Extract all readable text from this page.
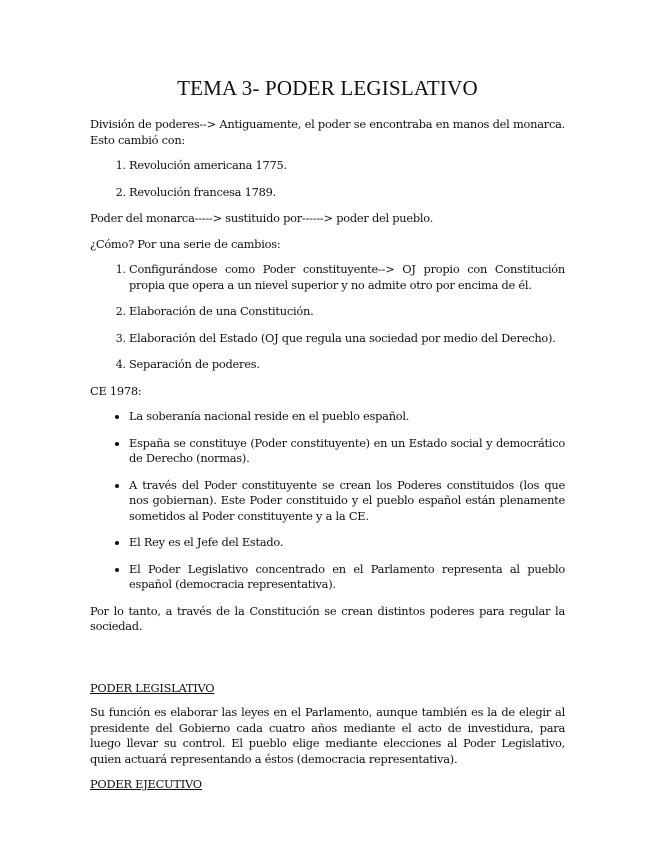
TEMA 3- PODER LEGISLATIVO

División de poderes--> Antiguamente, el poder se encontraba en manos del monarca. Esto cambió con:

1. Revolución americana 1775.
2. Revolución francesa 1789.

Poder del monarca-----> sustituido por------> poder del pueblo.

¿Cómo? Por una serie de cambios:

1. Configurándose como Poder constituyente--> OJ propio con Constitución propia que opera a un nievel superior y no admite otro por encima de él.
2. Elaboración de una Constitución.
3. Elaboración del Estado (OJ que regula una sociedad por medio del Derecho).
4. Separación de poderes.

CE 1978:

• La soberanía nacional reside en el pueblo español.
• España se constituye (Poder constituyente) en un Estado social y democrático de Derecho (normas).
• A través del Poder constituyente se crean los Poderes constituidos (los que nos gobiernan). Este Poder constituido y el pueblo español están plenamente sometidos al Poder constituyente y a la CE.
• El Rey es el Jefe del Estado.
• El Poder Legislativo concentrado en el Parlamento representa al pueblo español (democracia representativa).

Por lo tanto, a través de la Constitución se crean distintos poderes para regular la sociedad.

PODER LEGISLATIVO

Su función es elaborar las leyes en el Parlamento, aunque también es la de elegir al presidente del Gobierno cada cuatro años mediante el acto de investidura, para luego llevar su control. El pueblo elige mediante elecciones al Poder Legislativo, quien actuará representando a éstos (democracia representativa).

PODER EJECUTIVO
